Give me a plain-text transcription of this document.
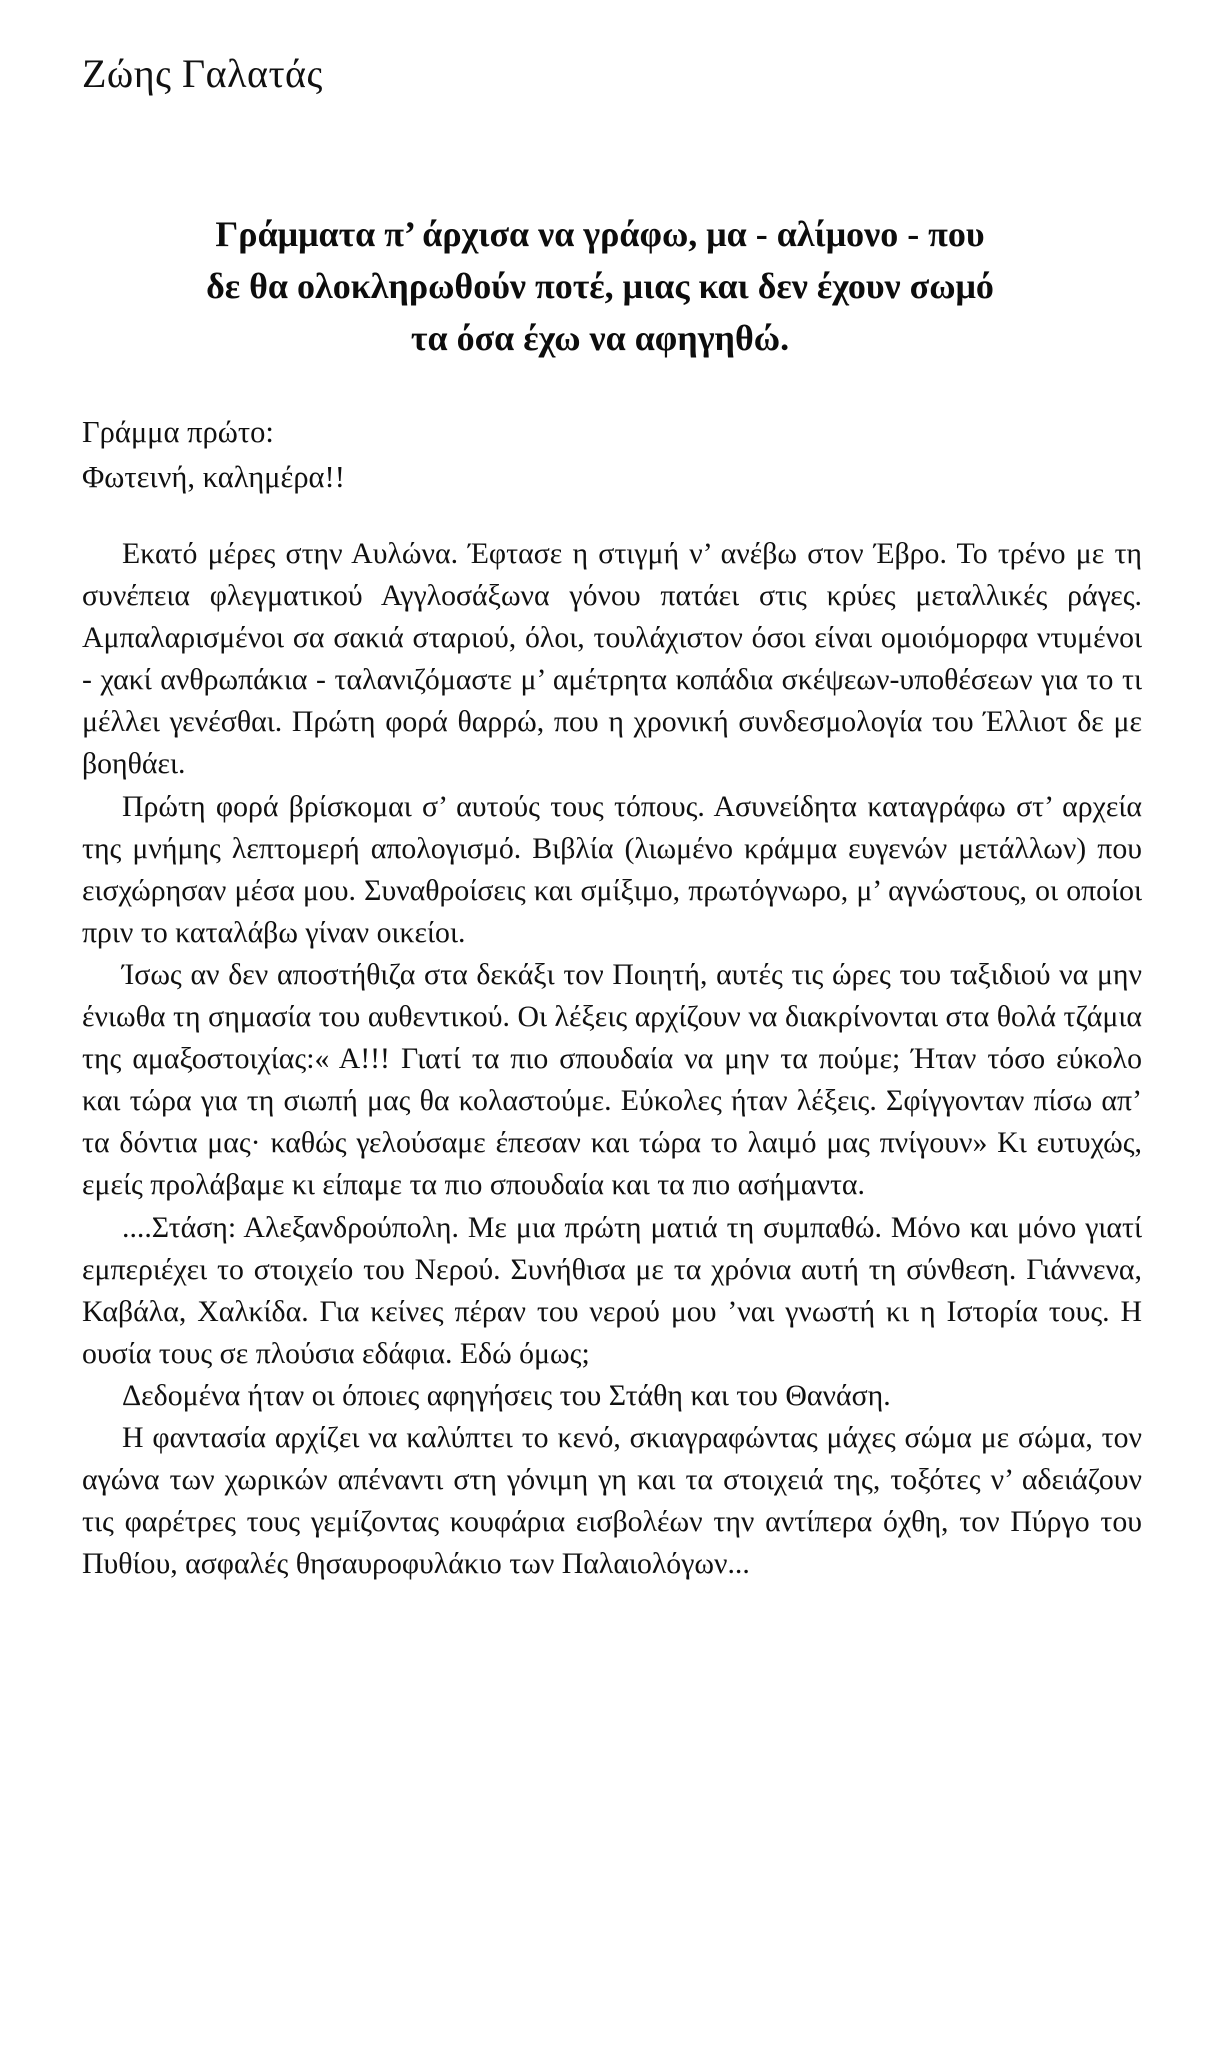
Ζώης Γαλατάς
Γράμματα π’ άρχισα να γράφω, μα - αλίμονο - που
δε θα ολοκληρωθούν ποτέ, μιας και δεν έχουν σωμό
τα όσα έχω να αφηγηθώ.
Γράμμα πρώτο:
Φωτεινή, καλημέρα!!

Εκατό μέρες στην Αυλώνα. Έφτασε η στιγμή ν’ ανέβω στον Έβρο. Το τρένο με τη συνέπεια φλεγματικού Αγγλοσάξωνα γόνου πατάει στις κρύες μεταλλικές ράγες. Αμπαλαρισμένοι σα σακιά σταριού, όλοι, τουλάχιστον όσοι είναι ομοιόμορφα ντυμένοι - χακί ανθρωπάκια - ταλανιζόμαστε μ’ αμέτρητα κοπάδια σκέψεων-υποθέσεων για το τι μέλλει γενέσθαι. Πρώτη φορά θαρρώ, που η χρονική συνδεσμολογία του Έλλιοτ δε με βοηθάει.

Πρώτη φορά βρίσκομαι σ’ αυτούς τους τόπους. Ασυνείδητα καταγράφω στ’ αρχεία της μνήμης λεπτομερή απολογισμό. Βιβλία (λιωμένο κράμμα ευγενών μετάλλων) που εισχώρησαν μέσα μου. Συναθροίσεις και σμίξιμο, πρωτόγνωρο, μ’ αγνώστους, οι οποίοι πριν το καταλάβω γίναν οικείοι.

Ίσως αν δεν αποστήθιζα στα δεκάξι τον Ποιητή, αυτές τις ώρες του ταξιδιού να μην ένιωθα τη σημασία του αυθεντικού. Οι λέξεις αρχίζουν να διακρίνονται στα θολά τζάμια της αμαξοστοιχίας:« Α!!! Γιατί τα πιο σπουδαία να μην τα πούμε; Ήταν τόσο εύκολο και τώρα για τη σιωπή μας θα κολαστούμε. Εύκολες ήταν λέξεις. Σφίγγονταν πίσω απ’ τα δόντια μας· καθώς γελούσαμε έπεσαν και τώρα το λαιμό μας πνίγουν» Κι ευτυχώς, εμείς προλάβαμε κι είπαμε τα πιο σπουδαία και τα πιο ασήμαντα.

....Στάση: Αλεξανδρούπολη. Με μια πρώτη ματιά τη συμπαθώ. Μόνο και μόνο γιατί εμπεριέχει το στοιχείο του Νερού. Συνήθισα με τα χρόνια αυτή τη σύνθεση. Γιάννενα, Καβάλα, Χαλκίδα. Για κείνες πέραν του νερού μου ’ναι γνωστή κι η Ιστορία τους. Η ουσία τους σε πλούσια εδάφια. Εδώ όμως;

Δεδομένα ήταν οι όποιες αφηγήσεις του Στάθη και του Θανάση.

Η φαντασία αρχίζει να καλύπτει το κενό, σκιαγραφώντας μάχες σώμα με σώμα, τον αγώνα των χωρικών απέναντι στη γόνιμη γη και τα στοιχειά της, τοξότες ν’ αδειάζουν τις φαρέτρες τους γεμίζοντας κουφάρια εισβολέων την αντίπερα όχθη, τον Πύργο του Πυθίου, ασφαλές θησαυροφυλάκιο των Παλαιολόγων...
